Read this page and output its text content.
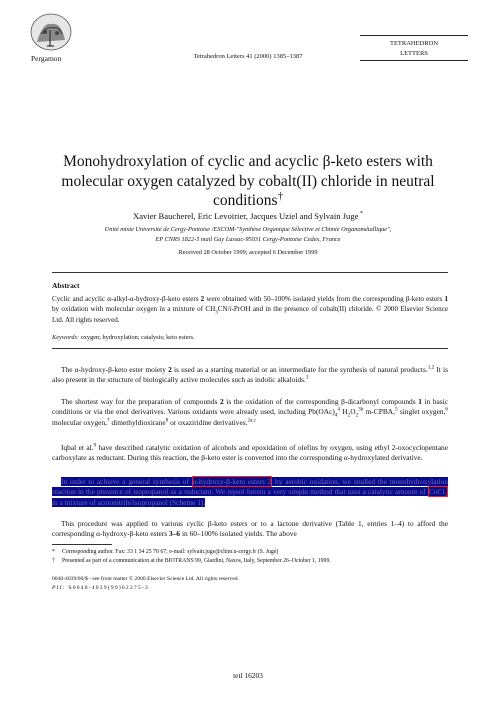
Pergamon	Tetrahedron Letters 41 (2000) 1385–1387
TETRAHEDRON
LETTERS
Monohydroxylation of cyclic and acyclic β-keto esters with molecular oxygen catalyzed by cobalt(II) chloride in neutral conditions†
Xavier Baucherel, Eric Levoirier, Jacques Uziel and Sylvain Juge *
Unité mixte Université de Cergy-Pontoise /ESCOM-"Synthèse Organique Sélective et Chimie Organométallique",
EP CNRS 1822-5 mail Gay Lussac-95031 Cergy-Pontoise Cedex, France
Received 28 October 1999; accepted 6 December 1999
Abstract
Cyclic and acyclic α-alkyl-α-hydroxy-β-keto esters 2 were obtained with 50–100% isolated yields from the corresponding β-keto esters 1 by oxidation with molecular oxygen in a mixture of $CH_3CN/i$-PrOH and in the presence of cobalt(II) chloride. © 2000 Elsevier Science Ltd. All rights reserved.
Keywords: oxygen; hydroxylation; catalysis; keto esters.
The α-hydroxy-β-keto ester moiety 2 is used as a starting material or an intermediate for the synthesis of natural products.$^{1,2}$ It is also present in the structure of biologically active molecules such as indolic alkaloids.$^3$
The shortest way for the preparation of compounds 2 is the oxidation of the corresponding β-dicarbonyl compounds 1 in basic conditions or via the enol derivatives. Various oxidants were already used, including $Pb(OAc)_4^4$ $H_2O_2^{3b}$ m-CPBA,$^5$ singlet oxygen,$^6$ molecular oxygen,$^7$ dimethyldioxirane$^8$ or oxaziridine derivatives.$^{2a,c}$
Iqbal et al.$^9$ have described catalytic oxidation of alcohols and epoxidation of olefins by oxygen, using ethyl 2-oxocyclopentane carboxylate as reductant. During this reaction, the β-keto ester is converted into the corresponding α-hydroxylated derivative.
In order to achieve a general synthesis of α-hydroxy-β-keto esters 2 by aerobic oxidation, we studied the monohydroxylation reaction in the presence of isopropanol as a reductant. We report herein a very simple method that uses a catalytic amount of CoCl₂ in a mixture of acetonitrile/isopropanol (Scheme 1).
This procedure was applied to various cyclic β-keto esters or to a lactone derivative (Table 1, entries 1–4) to afford the corresponding α-hydroxy-β-keto esters 3–6 in 60–100% isolated yields. The above
* Corresponding author. Fax: 33 1 34 25 70 67; e-mail: sylvain.juge@chim.u-cergy.fr (S. Jugé)
† Presented as part of a communication at the BIOTRANS 99, Giardini, Naxos, Italy, September 26–October 1, 1999.
0040-4039/00/$ - see front matter © 2000 Elsevier Science Ltd. All rights reserved.
PII: S0040-4039(99)02275-3
tetl 16203
